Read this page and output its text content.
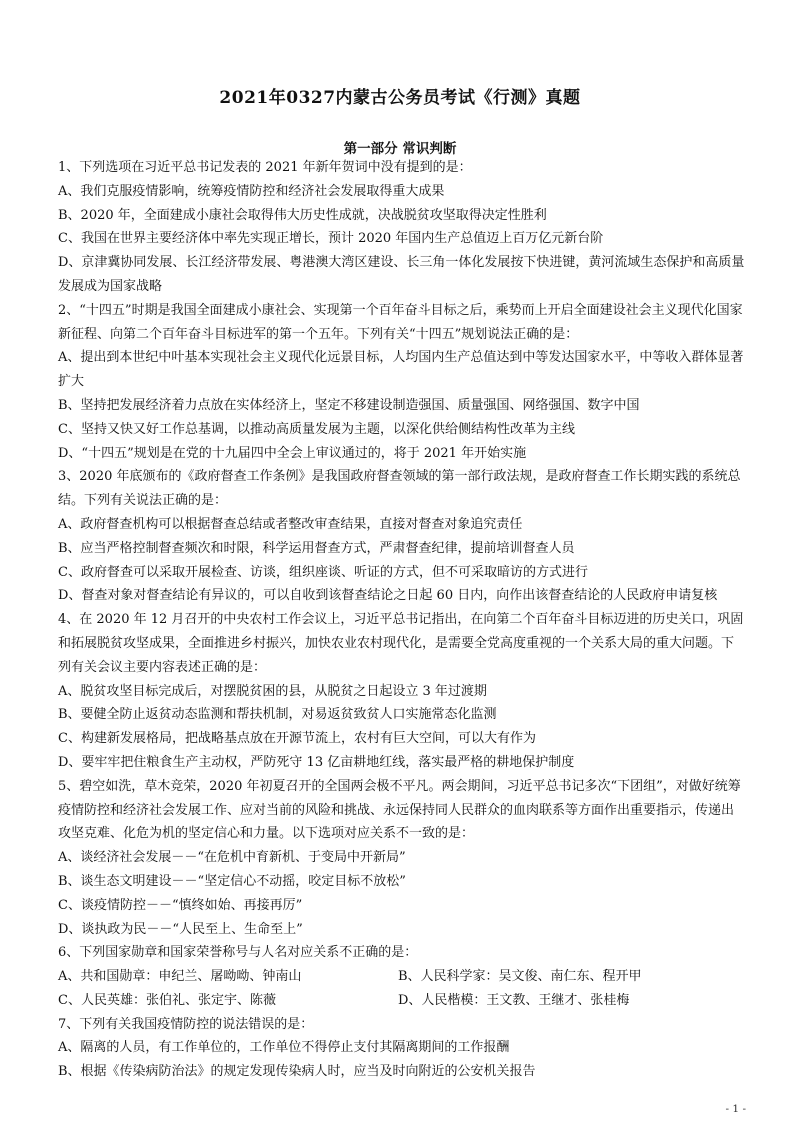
2021年0327内蒙古公务员考试《行测》真题
第一部分 常识判断

1、下列选项在习近平总书记发表的 2021 年新年贺词中没有提到的是：

A、我们克服疫情影响，统筹疫情防控和经济社会发展取得重大成果

B、2020 年，全面建成小康社会取得伟大历史性成就，决战脱贫攻坚取得决定性胜利

C、我国在世界主要经济体中率先实现正增长，预计 2020 年国内生产总值迈上百万亿元新台阶

D、京津冀协同发展、长江经济带发展、粤港澳大湾区建设、长三角一体化发展按下快进键，黄河流域生态保护和高质量发展成为国家战略

2、“十四五”时期是我国全面建成小康社会、实现第一个百年奋斗目标之后，乘势而上开启全面建设社会主义现代化国家新征程、向第二个百年奋斗目标进军的第一个五年。下列有关“十四五”规划说法正确的是：

A、提出到本世纪中叶基本实现社会主义现代化远景目标，人均国内生产总值达到中等发达国家水平，中等收入群体显著扩大

B、坚持把发展经济着力点放在实体经济上，坚定不移建设制造强国、质量强国、网络强国、数字中国

C、坚持又快又好工作总基调，以推动高质量发展为主题，以深化供给侧结构性改革为主线

D、“十四五”规划是在党的十九届四中全会上审议通过的，将于 2021 年开始实施

3、2020 年底颁布的《政府督查工作条例》是我国政府督查领域的第一部行政法规，是政府督查工作长期实践的系统总结。下列有关说法正确的是：

A、政府督查机构可以根据督查总结或者整改审查结果，直接对督查对象追究责任

B、应当严格控制督查频次和时限，科学运用督查方式，严肃督查纪律，提前培训督查人员

C、政府督查可以采取开展检查、访谈，组织座谈、听证的方式，但不可采取暗访的方式进行

D、督查对象对督查结论有异议的，可以自收到该督查结论之日起 60 日内，向作出该督查结论的人民政府申请复核

4、在 2020 年 12 月召开的中央农村工作会议上，习近平总书记指出，在向第二个百年奋斗目标迈进的历史关口，巩固和拓展脱贫攻坚成果，全面推进乡村振兴，加快农业农村现代化，是需要全党高度重视的一个关系大局的重大问题。下列有关会议主要内容表述正确的是：

A、脱贫攻坚目标完成后，对摆脱贫困的县，从脱贫之日起设立 3 年过渡期

B、要健全防止返贫动态监测和帮扶机制，对易返贫致贫人口实施常态化监测

C、构建新发展格局，把战略基点放在开源节流上，农村有巨大空间，可以大有作为

D、要牢牢把住粮食生产主动权，严防死守 13 亿亩耕地红线，落实最严格的耕地保护制度

5、碧空如洗，草木竞荣，2020 年初夏召开的全国两会极不平凡。两会期间，习近平总书记多次“下团组”，对做好统筹疫情防控和经济社会发展工作、应对当前的风险和挑战、永远保持同人民群众的血肉联系等方面作出重要指示，传递出攻坚克难、化危为机的坚定信心和力量。以下选项对应关系不一致的是：

A、谈经济社会发展－－“在危机中育新机、于变局中开新局”

B、谈生态文明建设－－“坚定信心不动摇，咬定目标不放松”

C、谈疫情防控－－“慎终如始、再接再厉”

D、谈执政为民－－“人民至上、生命至上”

6、下列国家勋章和国家荣誉称号与人名对应关系不正确的是：

A、共和国勋章：申纪兰、屠呦呦、钟南山	B、人民科学家：吴文俊、南仁东、程开甲

C、人民英雄：张伯礼、张定宇、陈薇	D、人民楷模：王文教、王继才、张桂梅

7、下列有关我国疫情防控的说法错误的是：

A、隔离的人员，有工作单位的，工作单位不得停止支付其隔离期间的工作报酬

B、根据《传染病防治法》的规定发现传染病人时，应当及时向附近的公安机关报告

- 1 -
